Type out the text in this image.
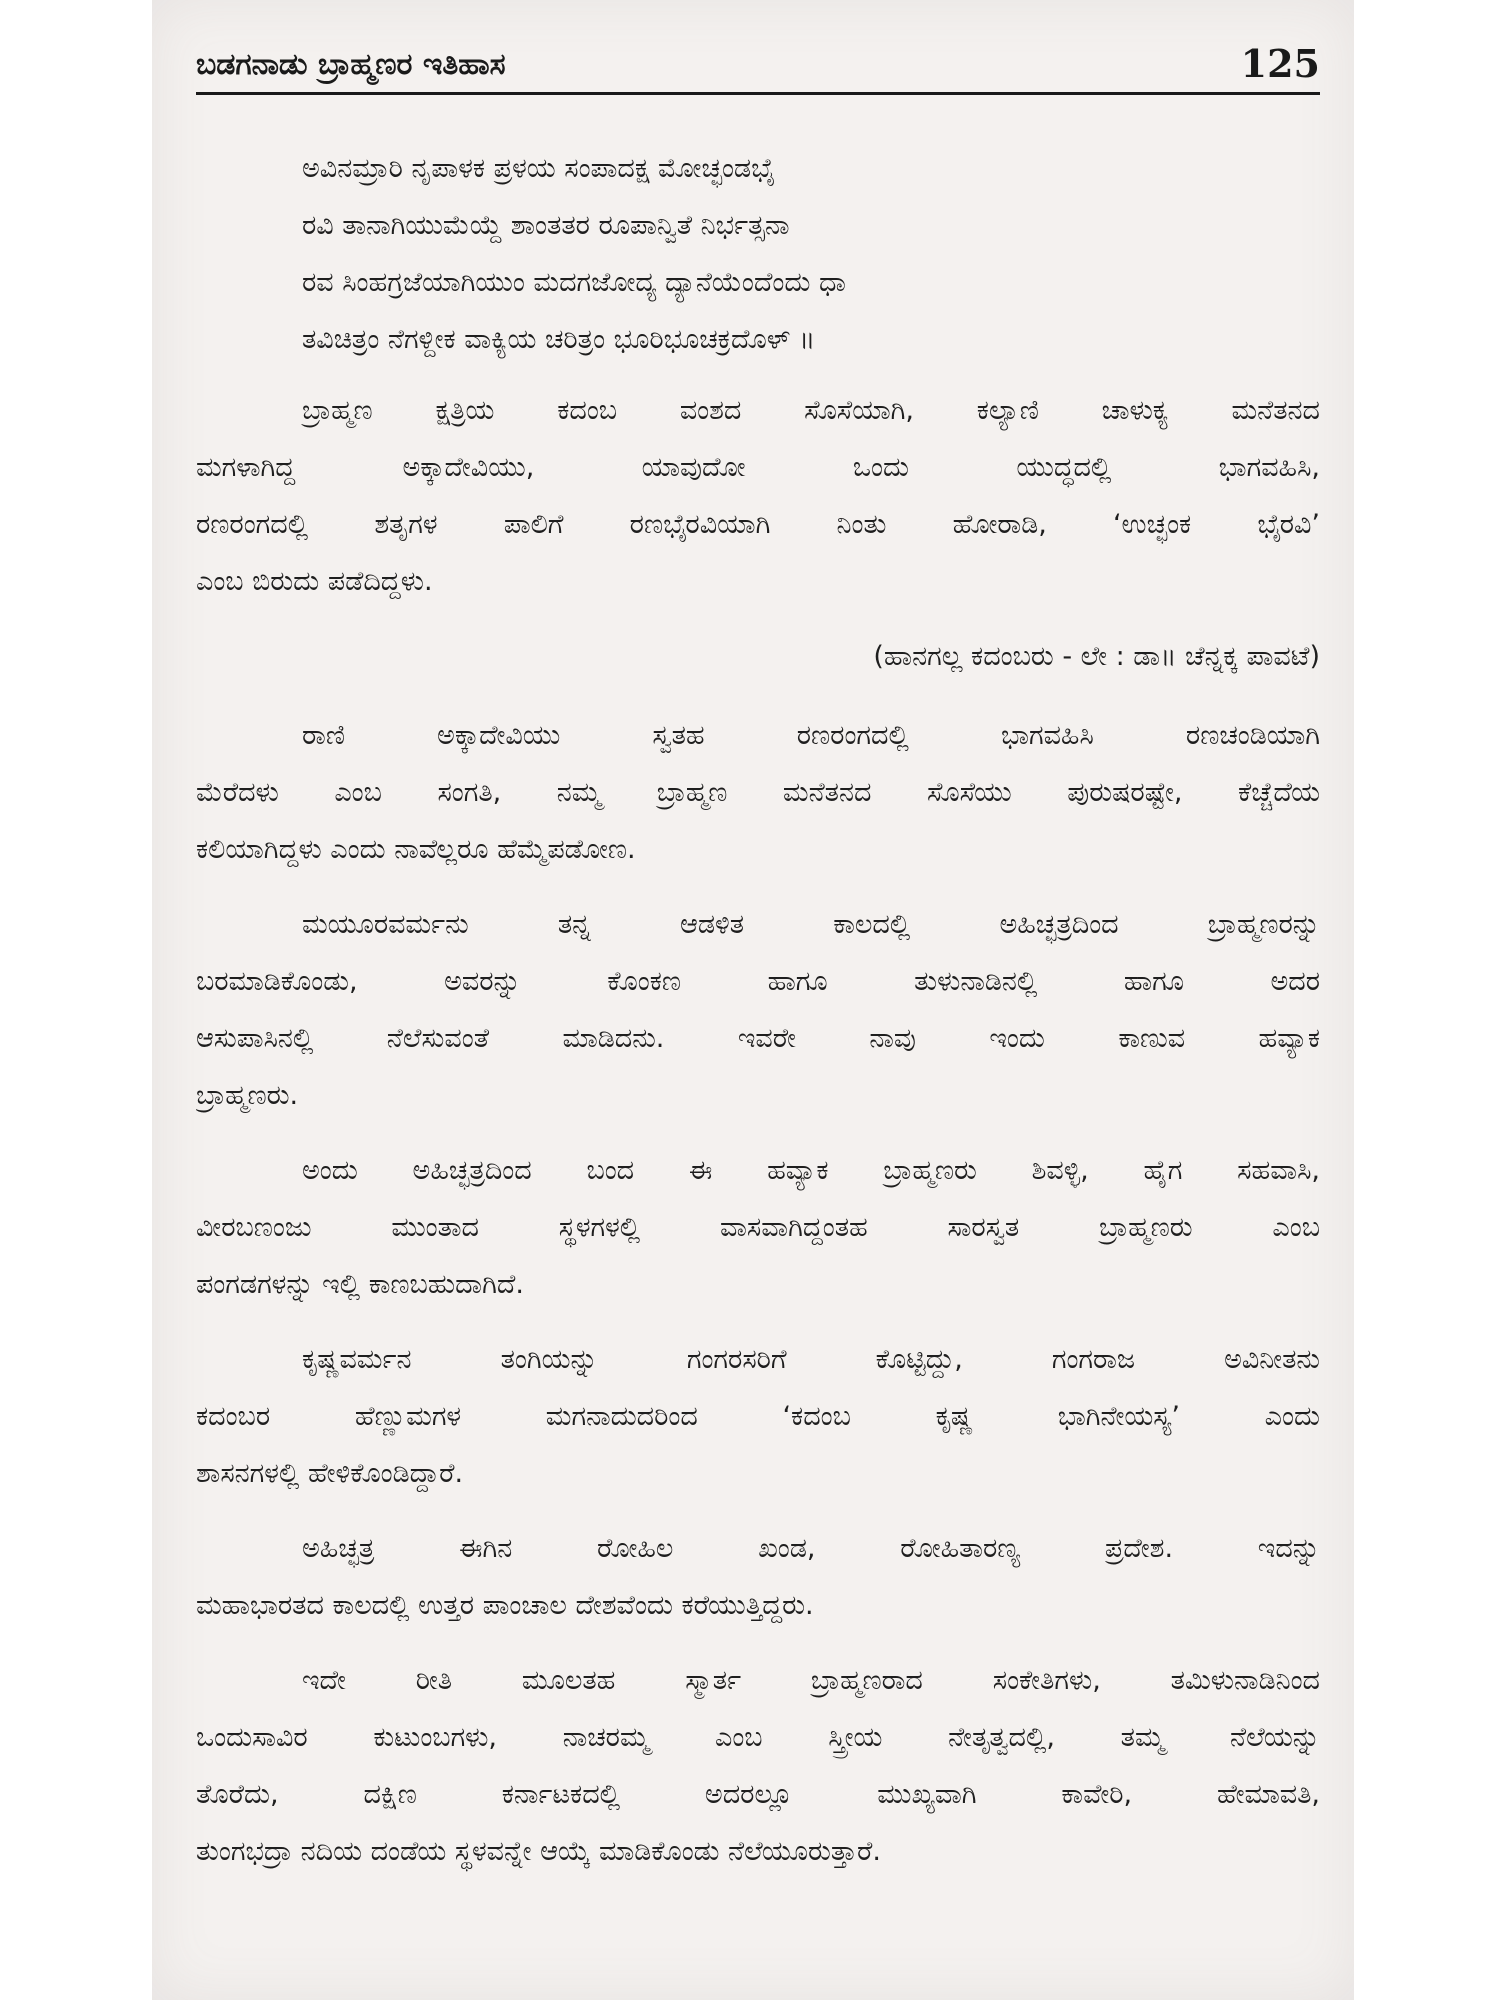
ಬಡಗನಾಡು ಬ್ರಾಹ್ಮಣರ ಇತಿಹಾಸ	125
ಅವಿನಮ್ರಾರಿ ನೃಪಾಳಕ ಪ್ರಳಯ ಸಂಪಾದಕ್ಷ ಮೋಚ್ಛಂಡಭೈ
ರವಿ ತಾನಾಗಿಯುಮೆಯ್ದೆ ಶಾಂತತರ ರೂಪಾನ್ವಿತೆ ನಿರ್ಭತ್ಸನಾ
ರವ ಸಿಂಹಗ್ರಜೆಯಾಗಿಯುಂ ಮದಗಜೋದ್ಯ ದ್ಯಾನೆಯೆಂದೆಂದು ಧಾ
ತವಿಚಿತ್ರಂ ನೆಗಳ್ದೀಕ ವಾಕ್ಯಿಯ ಚರಿತ್ರಂ ಭೂರಿಭೂಚಕ್ರದೊಳ್ ॥
ಬ್ರಾಹ್ಮಣ ಕ್ಷತ್ರಿಯ ಕದಂಬ ವಂಶದ ಸೊಸೆಯಾಗಿ, ಕಲ್ಯಾಣಿ ಚಾಳುಕ್ಯ ಮನೆತನದ
ಮಗಳಾಗಿದ್ದ ಅಕ್ಕಾದೇವಿಯು, ಯಾವುದೋ ಒಂದು ಯುದ್ಧದಲ್ಲಿ ಭಾಗವಹಿಸಿ,
ರಣರಂಗದಲ್ಲಿ ಶತೃಗಳ ಪಾಲಿಗೆ ರಣಭೈರವಿಯಾಗಿ ನಿಂತು ಹೋರಾಡಿ, ‘ಉಚ್ಛಂಕ ಭೈರವಿ’
ಎಂಬ ಬಿರುದು ಪಡೆದಿದ್ದಳು.
(ಹಾನಗಲ್ಲ ಕದಂಬರು - ಲೇ : ಡಾ॥ ಚೆನ್ನಕ್ಕ ಪಾವಟೆ)
ರಾಣಿ ಅಕ್ಕಾದೇವಿಯು ಸ್ವತಹ ರಣರಂಗದಲ್ಲಿ ಭಾಗವಹಿಸಿ ರಣಚಂಡಿಯಾಗಿ
ಮೆರೆದಳು ಎಂಬ ಸಂಗತಿ, ನಮ್ಮ ಬ್ರಾಹ್ಮಣ ಮನೆತನದ ಸೊಸೆಯು ಪುರುಷರಷ್ಟೇ, ಕೆಚ್ಚೆದೆಯ
ಕಲಿಯಾಗಿದ್ದಳು ಎಂದು ನಾವೆಲ್ಲರೂ ಹೆಮ್ಮೆಪಡೋಣ.
ಮಯೂರವರ್ಮನು ತನ್ನ ಆಡಳಿತ ಕಾಲದಲ್ಲಿ ಅಹಿಚ್ಛತ್ರದಿಂದ ಬ್ರಾಹ್ಮಣರನ್ನು
ಬರಮಾಡಿಕೊಂಡು, ಅವರನ್ನು ಕೊಂಕಣ ಹಾಗೂ ತುಳುನಾಡಿನಲ್ಲಿ ಹಾಗೂ ಅದರ
ಆಸುಪಾಸಿನಲ್ಲಿ ನೆಲೆಸುವಂತೆ ಮಾಡಿದನು. ಇವರೇ ನಾವು ಇಂದು ಕಾಣುವ ಹವ್ಯಾಕ
ಬ್ರಾಹ್ಮಣರು.
ಅಂದು ಅಹಿಚ್ಛತ್ರದಿಂದ ಬಂದ ಈ ಹವ್ಯಾಕ ಬ್ರಾಹ್ಮಣರು ಶಿವಳ್ಳಿ, ಹೈಗ ಸಹವಾಸಿ,
ವೀರಬಣಂಜು ಮುಂತಾದ ಸ್ಥಳಗಳಲ್ಲಿ ವಾಸವಾಗಿದ್ದಂತಹ ಸಾರಸ್ವತ ಬ್ರಾಹ್ಮಣರು ಎಂಬ
ಪಂಗಡಗಳನ್ನು ಇಲ್ಲಿ ಕಾಣಬಹುದಾಗಿದೆ.
ಕೃಷ್ಣವರ್ಮನ ತಂಗಿಯನ್ನು ಗಂಗರಸರಿಗೆ ಕೊಟ್ಟಿದ್ದು, ಗಂಗರಾಜ ಅವಿನೀತನು
ಕದಂಬರ ಹೆಣ್ಣುಮಗಳ ಮಗನಾದುದರಿಂದ ‘ಕದಂಬ ಕೃಷ್ಣ ಭಾಗಿನೇಯಸ್ಯ’ ಎಂದು
ಶಾಸನಗಳಲ್ಲಿ ಹೇಳಿಕೊಂಡಿದ್ದಾರೆ.
ಅಹಿಚ್ಛತ್ರ ಈಗಿನ ರೋಹಿಲ ಖಂಡ, ರೋಹಿತಾರಣ್ಯ ಪ್ರದೇಶ. ಇದನ್ನು
ಮಹಾಭಾರತದ ಕಾಲದಲ್ಲಿ ಉತ್ತರ ಪಾಂಚಾಲ ದೇಶವೆಂದು ಕರೆಯುತ್ತಿದ್ದರು.
ಇದೇ ರೀತಿ ಮೂಲತಹ ಸ್ಮಾರ್ತ ಬ್ರಾಹ್ಮಣರಾದ ಸಂಕೇತಿಗಳು, ತಮಿಳುನಾಡಿನಿಂದ
ಒಂದುಸಾವಿರ ಕುಟುಂಬಗಳು, ನಾಚರಮ್ಮ ಎಂಬ ಸ್ತ್ರೀಯ ನೇತೃತ್ವದಲ್ಲಿ, ತಮ್ಮ ನೆಲೆಯನ್ನು
ತೊರೆದು, ದಕ್ಷಿಣ ಕರ್ನಾಟಕದಲ್ಲಿ ಅದರಲ್ಲೂ ಮುಖ್ಯವಾಗಿ ಕಾವೇರಿ, ಹೇಮಾವತಿ,
ತುಂಗಭದ್ರಾ ನದಿಯ ದಂಡೆಯ ಸ್ಥಳವನ್ನೇ ಆಯ್ಕೆ ಮಾಡಿಕೊಂಡು ನೆಲೆಯೂರುತ್ತಾರೆ.
